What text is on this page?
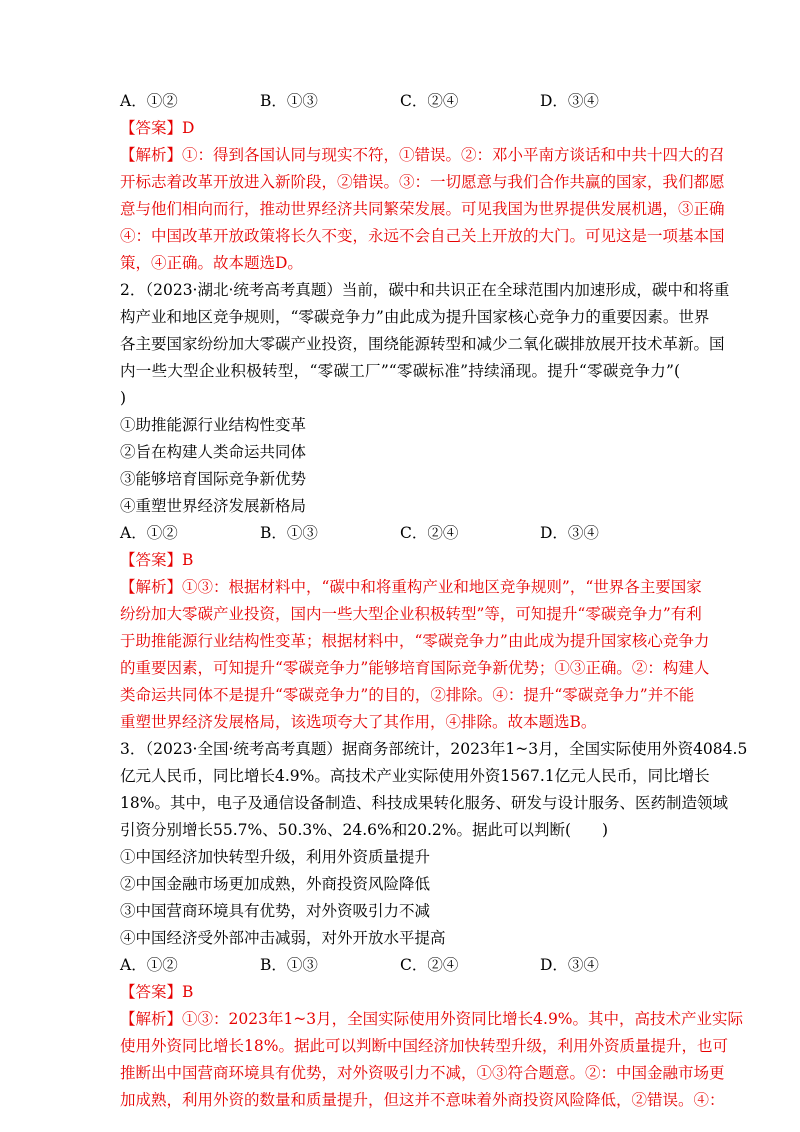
A．①②	B．①③	C．②④	D．③④
【答案】D
【解析】①：得到各国认同与现实不符，①错误。②：邓小平南方谈话和中共十四大的召
开标志着改革开放进入新阶段，②错误。③：一切愿意与我们合作共赢的国家，我们都愿
意与他们相向而行，推动世界经济共同繁荣发展。可见我国为世界提供发展机遇，③正确
④：中国改革开放政策将长久不变，永远不会自己关上开放的大门。可见这是一项基本国
策，④正确。故本题选D。
2．（2023·湖北·统考高考真题）当前，碳中和共识正在全球范围内加速形成，碳中和将重
构产业和地区竞争规则，“零碳竞争力”由此成为提升国家核心竞争力的重要因素。世界
各主要国家纷纷加大零碳产业投资，围绕能源转型和减少二氧化碳排放展开技术革新。国
内一些大型企业积极转型，“零碳工厂”“零碳标准”持续涌现。提升“零碳竞争力”(
)
①助推能源行业结构性变革
②旨在构建人类命运共同体
③能够培育国际竞争新优势
④重塑世界经济发展新格局
A．①②	B．①③	C．②④	D．③④
【答案】B
【解析】①③：根据材料中，“碳中和将重构产业和地区竞争规则”，“世界各主要国家
纷纷加大零碳产业投资，国内一些大型企业积极转型”等，可知提升“零碳竞争力”有利
于助推能源行业结构性变革；根据材料中，“零碳竞争力”由此成为提升国家核心竞争力
的重要因素，可知提升“零碳竞争力”能够培育国际竞争新优势；①③正确。②：构建人
类命运共同体不是提升“零碳竞争力”的目的，②排除。④：提升“零碳竞争力”并不能
重塑世界经济发展格局，该选项夸大了其作用，④排除。故本题选B。
3．（2023·全国·统考高考真题）据商务部统计，2023年1~3月，全国实际使用外资4084.5
亿元人民币，同比增长4.9%。高技术产业实际使用外资1567.1亿元人民币，同比增长
18%。其中，电子及通信设备制造、科技成果转化服务、研发与设计服务、医药制造领域
引资分别增长55.7%、50.3%、24.6%和20.2%。据此可以判断(　　)
①中国经济加快转型升级，利用外资质量提升
②中国金融市场更加成熟，外商投资风险降低
③中国营商环境具有优势，对外资吸引力不减
④中国经济受外部冲击减弱，对外开放水平提高
A．①②	B．①③	C．②④	D．③④
【答案】B
【解析】①③：2023年1~3月，全国实际使用外资同比增长4.9%。其中，高技术产业实际
使用外资同比增长18%。据此可以判断中国经济加快转型升级，利用外资质量提升，也可
推断出中国营商环境具有优势，对外资吸引力不减，①③符合题意。②：中国金融市场更
加成熟，利用外资的数量和质量提升，但这并不意味着外商投资风险降低，②错误。④：
